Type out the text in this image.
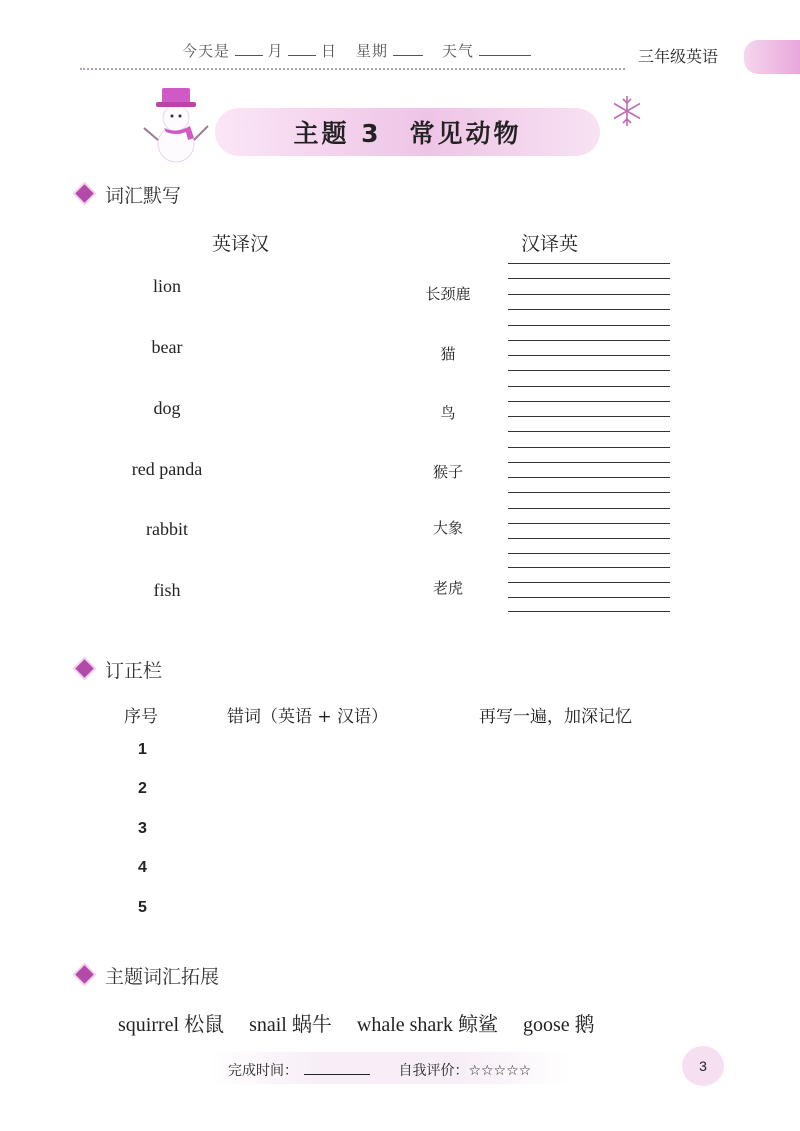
今天是	月	日 星期	天气	三年级英语
主题 3　常见动物
词汇默写
英译汉	汉译英
lion
bear
dog
red panda
rabbit
fish
长颈鹿
猫
鸟
猴子
大象
老虎
订正栏
序号	错词（英语 + 汉语）	再写一遍，加深记忆
1
2
3
4
5
主题词汇拓展
squirrel 松鼠 snail 蜗牛 whale shark 鲸鲨 goose 鹅
完成时间：	自我评价：☆☆☆☆☆	3
